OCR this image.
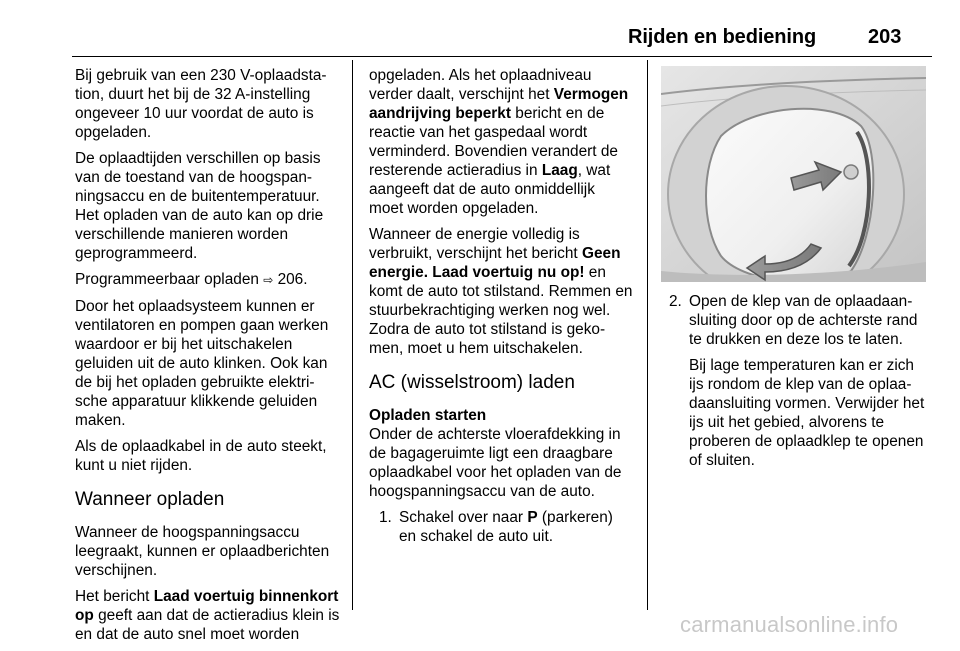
Rijden en bediening	203

Bij gebruik van een 230 V-oplaadsta‑ tion, duurt het bij de 32 A-instelling ongeveer 10 uur voordat de auto is opgeladen.

De oplaadtijden verschillen op basis van de toestand van de hoogspan‑ ningsaccu en de buitentemperatuur. Het opladen van de auto kan op drie verschillende manieren worden geprogrammeerd.

Programmeerbaar opladen ⇨ 206.

Door het oplaadsysteem kunnen er ventilatoren en pompen gaan werken waardoor er bij het uitschakelen geluiden uit de auto klinken. Ook kan de bij het opladen gebruikte elektri‑ sche apparatuur klikkende geluiden maken.

Als de oplaadkabel in de auto steekt, kunt u niet rijden.

Wanneer opladen

Wanneer de hoogspanningsaccu leegraakt, kunnen er oplaadberichten verschijnen.

Het bericht Laad voertuig binnenkort op geeft aan dat de actieradius klein is en dat de auto snel moet worden

opgeladen. Als het oplaadniveau verder daalt, verschijnt het Vermogen aandrijving beperkt bericht en de reactie van het gaspedaal wordt verminderd. Bovendien verandert de resterende actieradius in Laag, wat aangeeft dat de auto onmiddellijk moet worden opgeladen.

Wanneer de energie volledig is verbruikt, verschijnt het bericht Geen energie. Laad voertuig nu op! en komt de auto tot stilstand. Remmen en stuurbekrachtiging werken nog wel. Zodra de auto tot stilstand is geko‑ men, moet u hem uitschakelen.

AC (wisselstroom) laden
Opladen starten

Onder de achterste vloerafdekking in de bagageruimte ligt een draagbare oplaadkabel voor het opladen van de hoogspanningsaccu van de auto.

1. Schakel over naar P (parkeren) en schakel de auto uit.
2. Open de klep van de oplaadaan‑ sluiting door op de achterste rand te drukken en deze los te laten.

Bij lage temperaturen kan er zich ijs rondom de klep van de oplaa‑ daansluiting vormen. Verwijder het ijs uit het gebied, alvorens te proberen de oplaadklep te openen of sluiten.

carmanualsonline.info
